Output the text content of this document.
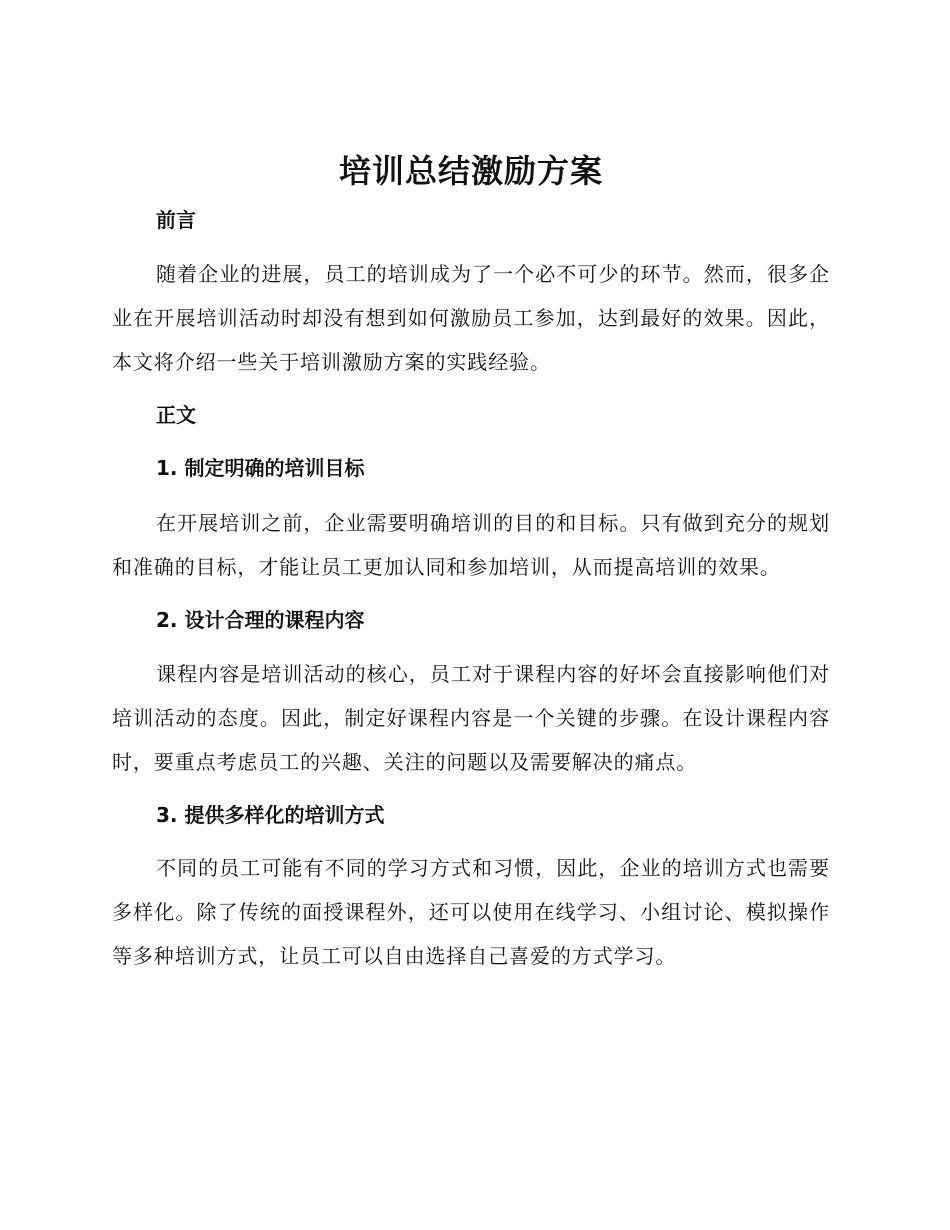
培训总结激励方案
前言

随着企业的进展，员工的培训成为了一个必不可少的环节。然而，很多企业在开展培训活动时却没有想到如何激励员工参加，达到最好的效果。因此，本文将介绍一些关于培训激励方案的实践经验。

正文
1. 制定明确的培训目标

在开展培训之前，企业需要明确培训的目的和目标。只有做到充分的规划和准确的目标，才能让员工更加认同和参加培训，从而提高培训的效果。

2. 设计合理的课程内容

课程内容是培训活动的核心，员工对于课程内容的好坏会直接影响他们对培训活动的态度。因此，制定好课程内容是一个关键的步骤。在设计课程内容时，要重点考虑员工的兴趣、关注的问题以及需要解决的痛点。

3. 提供多样化的培训方式

不同的员工可能有不同的学习方式和习惯，因此，企业的培训方式也需要多样化。除了传统的面授课程外，还可以使用在线学习、小组讨论、模拟操作等多种培训方式，让员工可以自由选择自己喜爱的方式学习。
